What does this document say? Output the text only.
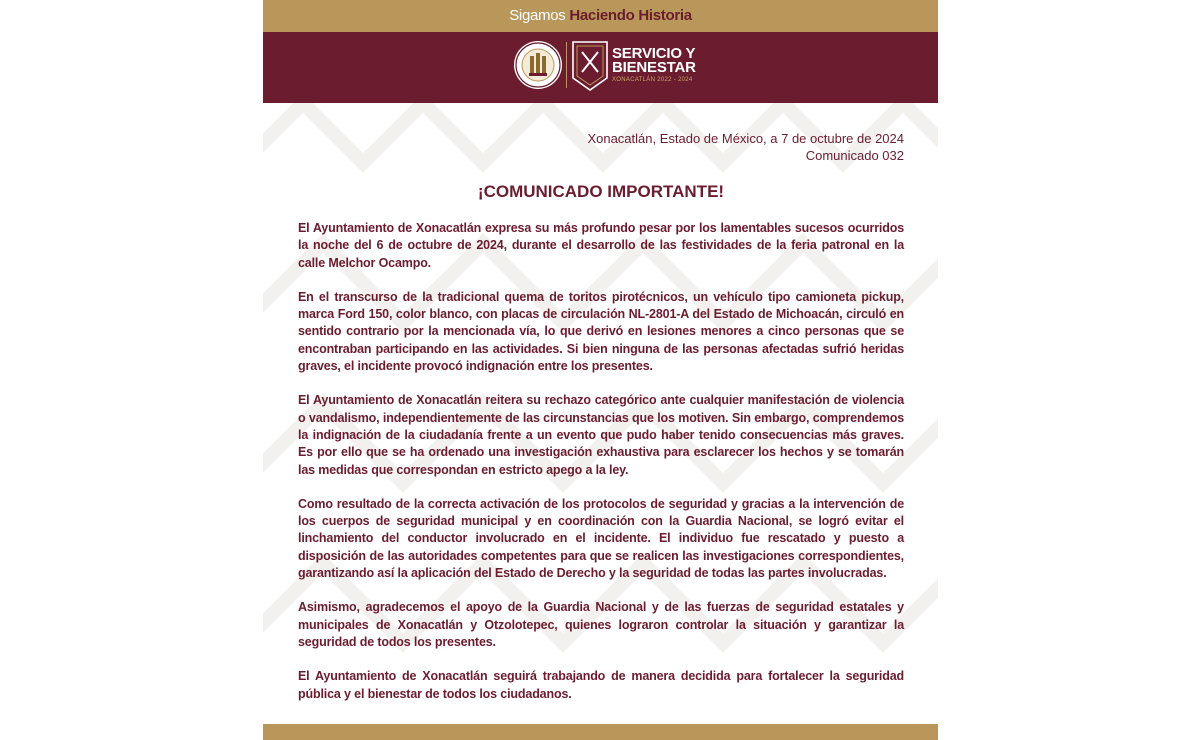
Sigamos Haciendo Historia
SERVICIO Y
BIENESTAR
XONACATLÁN 2022 - 2024
Xonacatlán, Estado de México, a 7 de octubre de 2024
Comunicado 032
¡COMUNICADO IMPORTANTE!

El Ayuntamiento de Xonacatlán expresa su más profundo pesar por los lamentables sucesos ocurridos la noche del 6 de octubre de 2024, durante el desarrollo de las festividades de la feria patronal en la calle Melchor Ocampo.

En el transcurso de la tradicional quema de toritos pirotécnicos, un vehículo tipo camioneta pickup, marca Ford 150, color blanco, con placas de circulación NL-2801-A del Estado de Michoacán, circuló en sentido contrario por la mencionada vía, lo que derivó en lesiones menores a cinco personas que se encontraban participando en las actividades. Si bien ninguna de las personas afectadas sufrió heridas graves, el incidente provocó indignación entre los presentes.

El Ayuntamiento de Xonacatlán reitera su rechazo categórico ante cualquier manifestación de violencia o vandalismo, independientemente de las circunstancias que los motiven. Sin embargo, comprendemos la indignación de la ciudadanía frente a un evento que pudo haber tenido consecuencias más graves. Es por ello que se ha ordenado una investigación exhaustiva para esclarecer los hechos y se tomarán las medidas que correspondan en estricto apego a la ley.

Como resultado de la correcta activación de los protocolos de seguridad y gracias a la intervención de los cuerpos de seguridad municipal y en coordinación con la Guardia Nacional, se logró evitar el linchamiento del conductor involucrado en el incidente. El individuo fue rescatado y puesto a disposición de las autoridades competentes para que se realicen las investigaciones correspondientes, garantizando así la aplicación del Estado de Derecho y la seguridad de todas las partes involucradas.

Asimismo, agradecemos el apoyo de la Guardia Nacional y de las fuerzas de seguridad estatales y municipales de Xonacatlán y Otzolotepec, quienes lograron controlar la situación y garantizar la seguridad de todos los presentes.

El Ayuntamiento de Xonacatlán seguirá trabajando de manera decidida para fortalecer la seguridad pública y el bienestar de todos los ciudadanos.
